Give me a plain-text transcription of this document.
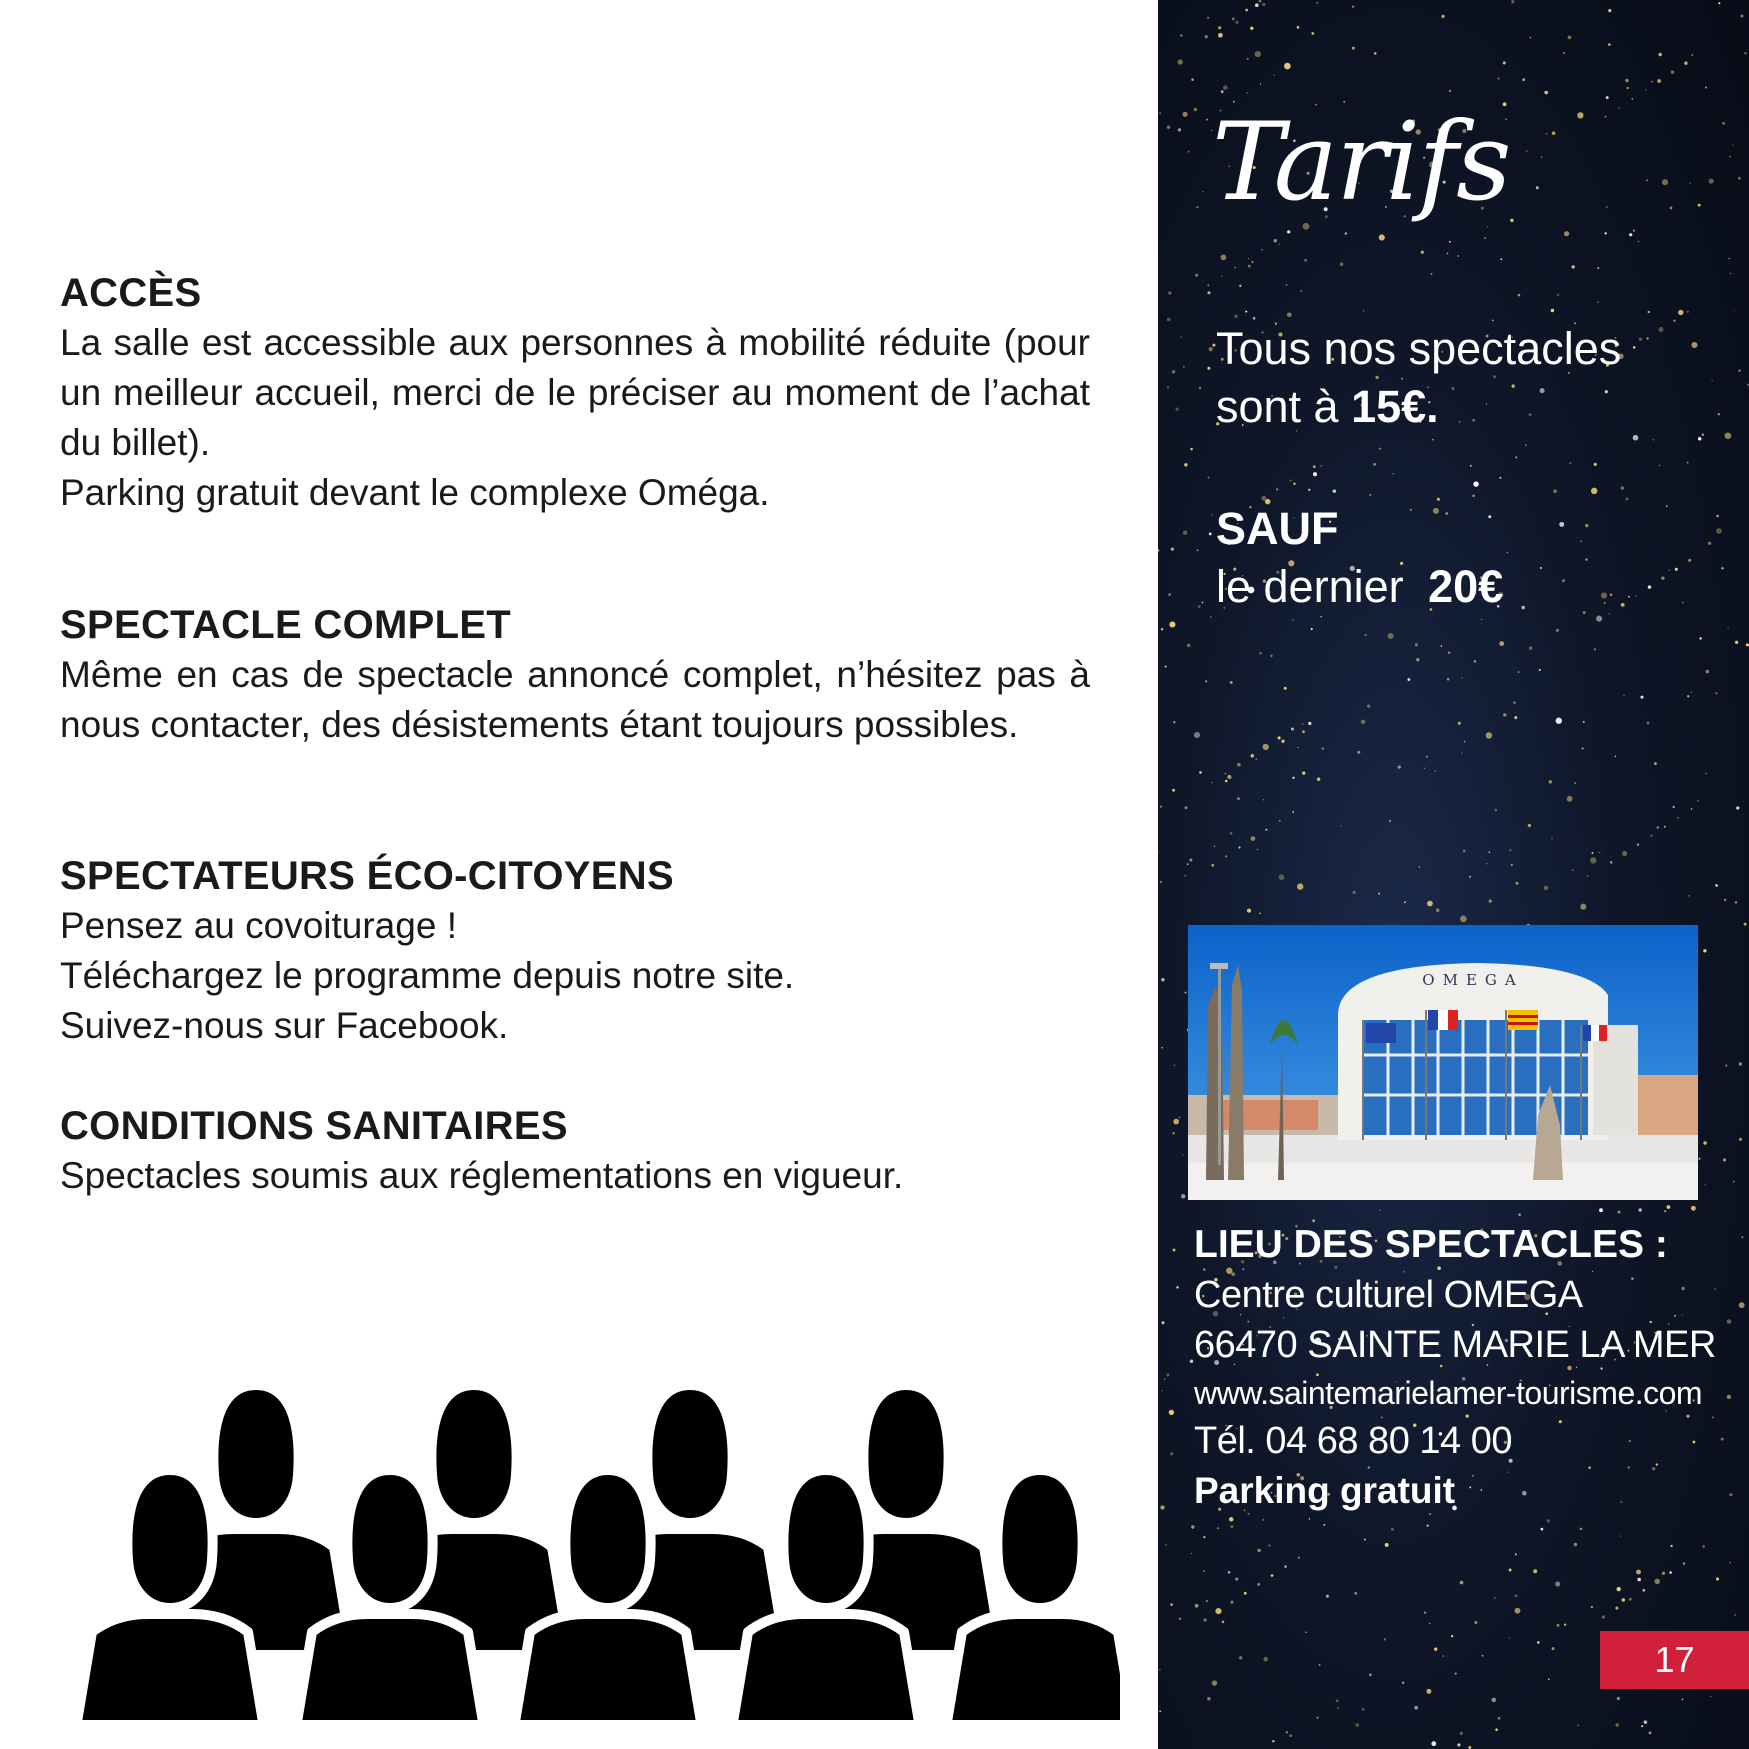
ACCÈS

La salle est accessible aux personnes à mobilité réduite (pour un meilleur accueil, merci de le préciser au moment de l’achat du billet).

Parking gratuit devant le complexe Oméga.

SPECTACLE COMPLET

Même en cas de spectacle annoncé complet, n’hésitez pas à nous contacter, des désistements étant toujours possibles.

SPECTATEURS ÉCO-CITOYENS

Pensez au covoiturage !

Téléchargez le programme depuis notre site.

Suivez-nous sur Facebook.

CONDITIONS SANITAIRES

Spectacles soumis aux réglementations en vigueur.

Tarifs
Tous nos spectacles
sont à 15€.
SAUF
le dernier 20€
OMEGA
LIEU DES SPECTACLES :
Centre culturel OMEGA
66470 SAINTE MARIE LA MER
www.saintemarielamer-tourisme.com
Tél. 04 68 80 14 00
Parking gratuit
17
